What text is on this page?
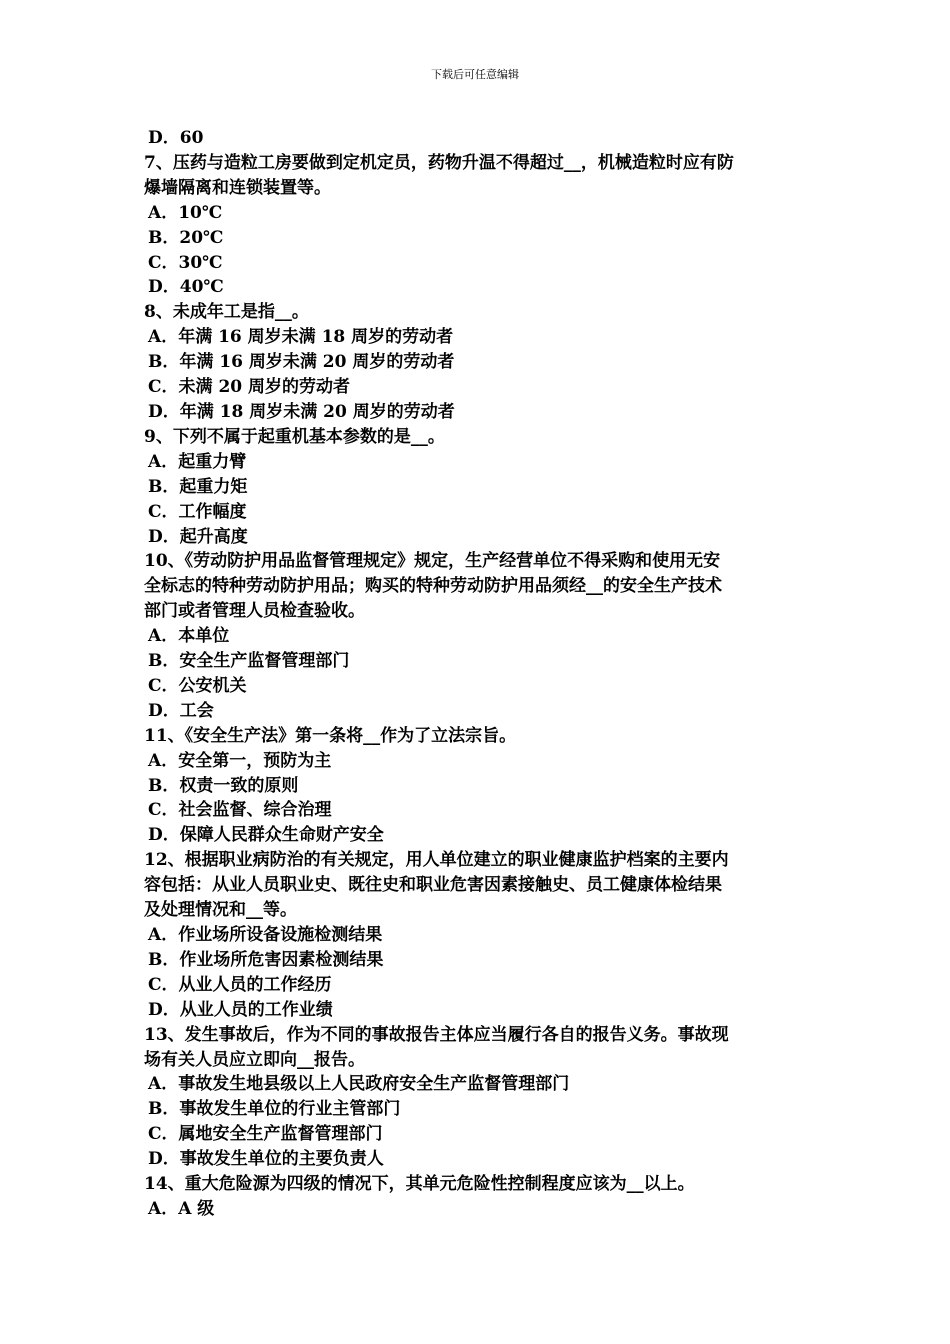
下载后可任意编辑

D．60

7、压药与造粒工房要做到定机定员，药物升温不得超过__，机械造粒时应有防

爆墙隔离和连锁装置等。

A．10℃

B．20℃

C．30℃

D．40℃

8、未成年工是指__。

A．年满 16 周岁未满 18 周岁的劳动者

B．年满 16 周岁未满 20 周岁的劳动者

C．未满 20 周岁的劳动者

D．年满 18 周岁未满 20 周岁的劳动者

9、下列不属于起重机基本参数的是__。

A．起重力臂

B．起重力矩

C．工作幅度

D．起升高度

10、《劳动防护用品监督管理规定》规定，生产经营单位不得采购和使用无安

全标志的特种劳动防护用品；购买的特种劳动防护用品须经__的安全生产技术

部门或者管理人员检查验收。

A．本单位

B．安全生产监督管理部门

C．公安机关

D．工会

11、《安全生产法》第一条将__作为了立法宗旨。

A．安全第一，预防为主

B．权责一致的原则

C．社会监督、综合治理

D．保障人民群众生命财产安全

12、根据职业病防治的有关规定，用人单位建立的职业健康监护档案的主要内

容包括：从业人员职业史、既往史和职业危害因素接触史、员工健康体检结果

及处理情况和__等。

A．作业场所设备设施检测结果

B．作业场所危害因素检测结果

C．从业人员的工作经历

D．从业人员的工作业绩

13、发生事故后，作为不同的事故报告主体应当履行各自的报告义务。事故现

场有关人员应立即向__报告。

A．事故发生地县级以上人民政府安全生产监督管理部门

B．事故发生单位的行业主管部门

C．属地安全生产监督管理部门

D．事故发生单位的主要负责人

14、重大危险源为四级的情况下，其单元危险性控制程度应该为__以上。

A．A 级
